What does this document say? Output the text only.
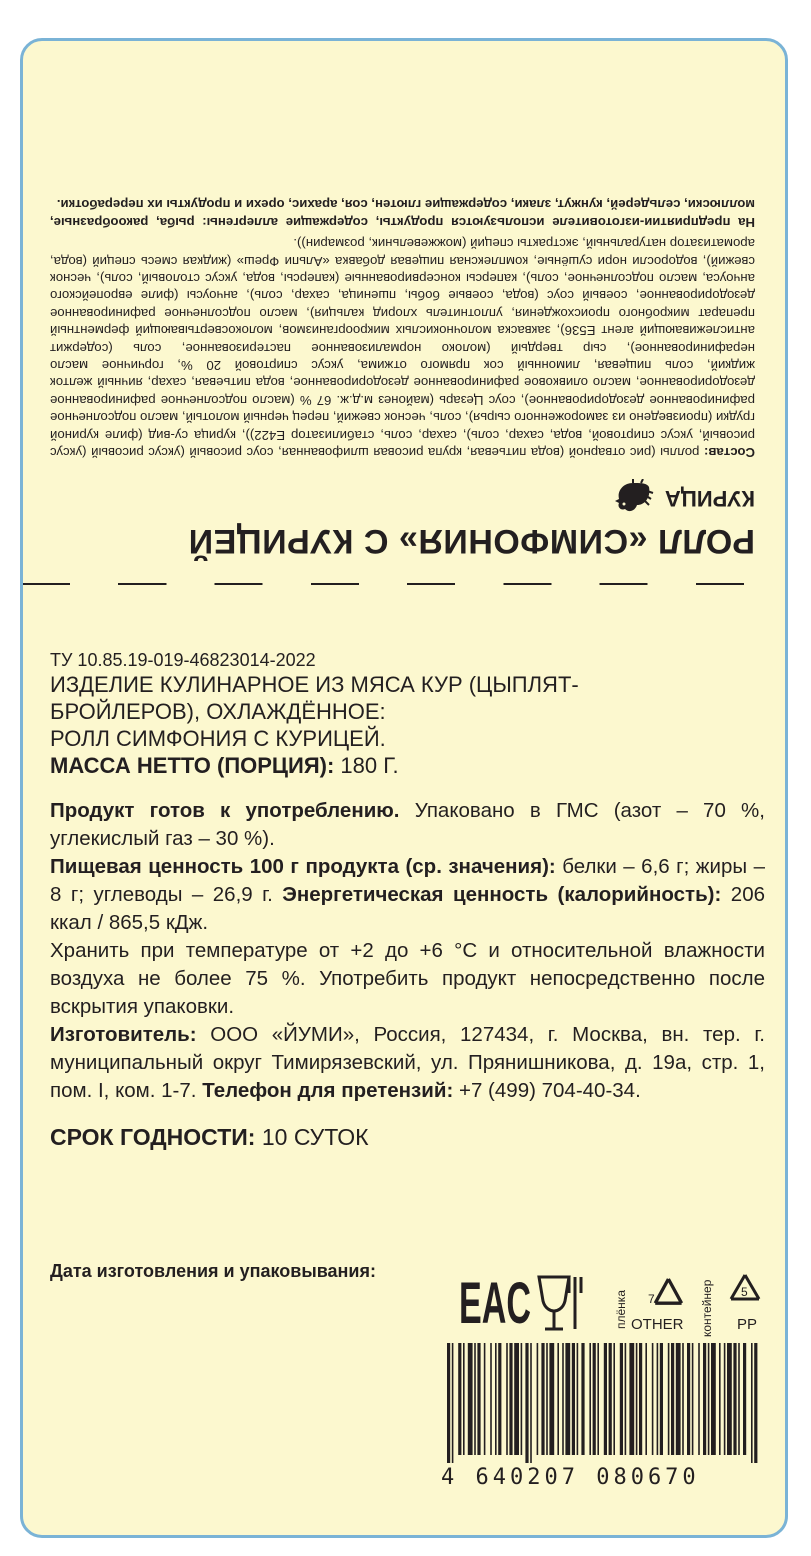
РОЛЛ «СИМФОНИЯ» С КУРИЦЕЙ
КУРИЦА
Состав: роллы (рис отварной (вода питьевая, крупа рисовая шлифованная, соус рисовый (уксус рисовый (уксус рисовый, уксус спиртовой, вода, сахар, соль), сахар, соль, стабилизатор Е422)), курица су-вид (филе куриной грудки (произведено из замороженного сырья), соль, чеснок свежий, перец черный молотый, масло подсолнечное рафинированное дезодорированное), соус Цезарь (майонез м.д.ж. 67 % (масло подсолнечное рафинированное дезодорированное, масло оливковое рафинированное дезодорированное, вода питьевая, сахар, яичный желток жидкий, соль пищевая, лимонный сок прямого отжима, уксус спиртовой 20 %, горчичное масло нерафинированное), сыр твердый (молоко нормализованное пастеризованное, соль (содержит антислеживающий агент Е536), закваска молочнокислых микроорганизмов, молокосвертывающий ферментный препарат микробного происхождения, уплотнитель хлорид кальция), масло подсолнечное рафинированное дезодорированное, соевый соус (вода, соевые бобы, пшеница, сахар, соль), анчоусы (филе европейского анчоуса, масло подсолнечное, соль), каперсы консервированные (каперсы, вода, уксус столовый, соль), чеснок свежий), водоросли нори сушёные, комплексная пищевая добавка «Альпи Фреш» (жидкая смесь специй (вода, ароматизатор натуральный, экстракты специй (можжевельник, розмарин)).
На предприятии-изготовителе используются продукты, содержащие аллергены: рыба, ракообразные, моллюски, сельдерей, кунжут, злаки, содержащие глютен, соя, арахис, орехи и продукты их переработки.
ТУ 10.85.19-019-46823014-2022
ИЗДЕЛИЕ КУЛИНАРНОЕ ИЗ МЯСА КУР (ЦЫПЛЯТ-
БРОЙЛЕРОВ), ОХЛАЖДЁННОЕ:
РОЛЛ СИМФОНИЯ С КУРИЦЕЙ.
МАССА НЕТТО (ПОРЦИЯ): 180 Г.
Продукт готов к употреблению. Упаковано в ГМС (азот – 70 %, углекислый газ – 30 %).
Пищевая ценность 100 г продукта (ср. значения): белки – 6,6 г; жиры – 8 г; углеводы – 26,9 г. Энергетическая ценность (калорийность): 206 ккал / 865,5 кДж.
Хранить при температуре от +2 до +6 °С и относительной влажности воздуха не более 75 %. Употребить продукт непосредственно после вскрытия упаковки.
Изготовитель: ООО «ЙУМИ», Россия, 127434, г. Москва, вн. тер. г. муниципальный округ Тимирязевский, ул. Прянишникова, д. 19а, стр. 1, пом. I, ком. 1-7. Телефон для претензий: +7 (499) 704-40-34.
СРОК ГОДНОСТИ: 10 СУТОК
Дата изготовления и упаковывания: EAC	плёнка 7
OTHER контейнер 5
PP
4 640207 080670
